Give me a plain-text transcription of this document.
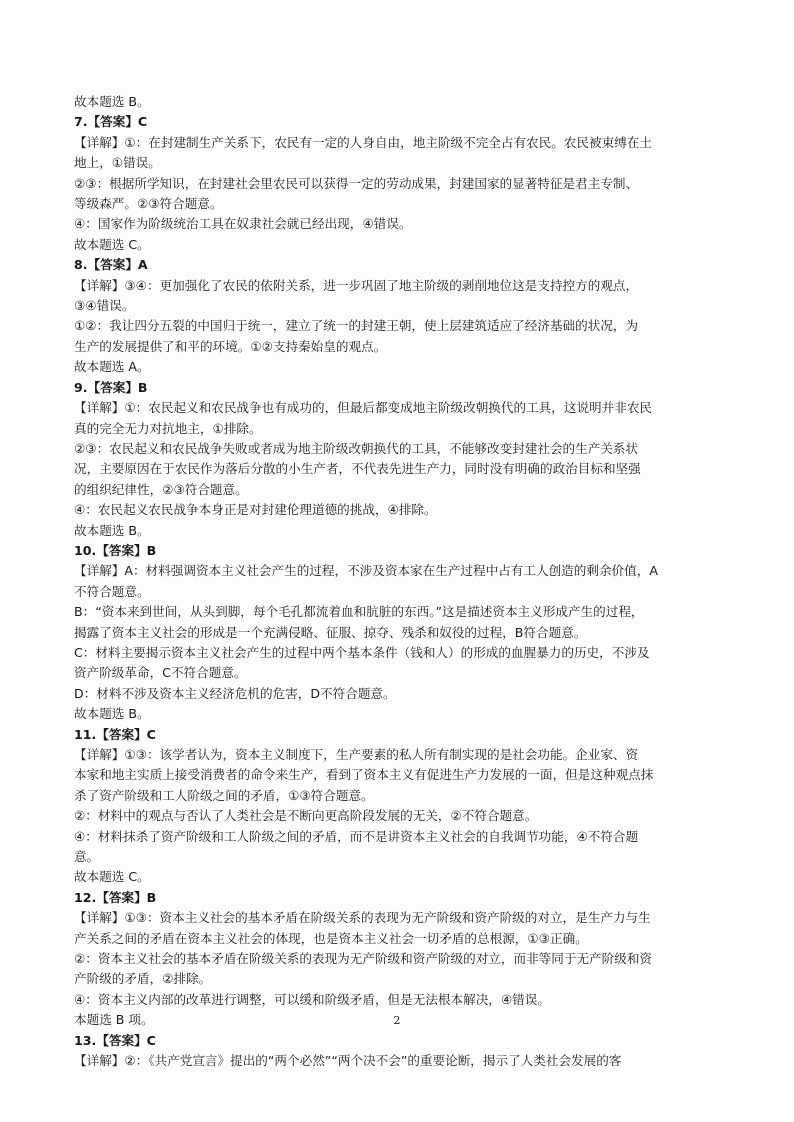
故本题选 B。
7.【答案】C
【详解】①：在封建制生产关系下，农民有一定的人身自由，地主阶级不完全占有农民。农民被束缚在土
地上，①错误。
②③：根据所学知识，在封建社会里农民可以获得一定的劳动成果，封建国家的显著特征是君主专制、
等级森严。②③符合题意。
④：国家作为阶级统治工具在奴隶社会就已经出现，④错误。
故本题选 C。
8.【答案】A
【详解】③④：更加强化了农民的依附关系，进一步巩固了地主阶级的剥削地位这是支持控方的观点，
③④错误。
①②：我让四分五裂的中国归于统一，建立了统一的封建王朝，使上层建筑适应了经济基础的状况，为
生产的发展提供了和平的环境。①②支持秦始皇的观点。
故本题选 A。
9.【答案】B
【详解】①：农民起义和农民战争也有成功的，但最后都变成地主阶级改朝换代的工具，这说明并非农民
真的完全无力对抗地主，①排除。
②③：农民起义和农民战争失败或者成为地主阶级改朝换代的工具，不能够改变封建社会的生产关系状
况，主要原因在于农民作为落后分散的小生产者，不代表先进生产力，同时没有明确的政治目标和坚强
的组织纪律性，②③符合题意。
④：农民起义农民战争本身正是对封建伦理道德的挑战，④排除。
故本题选 B。
10.【答案】B
【详解】A：材料强调资本主义社会产生的过程，不涉及资本家在生产过程中占有工人创造的剩余价值，A
不符合题意。
B：“资本来到世间，从头到脚，每个毛孔都流着血和肮脏的东西。”这是描述资本主义形成产生的过程，
揭露了资本主义社会的形成是一个充满侵略、征服、掠夺、残杀和奴役的过程，B符合题意。
C：材料主要揭示资本主义社会产生的过程中两个基本条件（钱和人）的形成的血腥暴力的历史，不涉及
资产阶级革命，C不符合题意。
D：材料不涉及资本主义经济危机的危害，D不符合题意。
故本题选 B。
11.【答案】C
【详解】①③：该学者认为，资本主义制度下，生产要素的私人所有制实现的是社会功能。企业家、资
本家和地主实质上接受消费者的命令来生产，看到了资本主义有促进生产力发展的一面，但是这种观点抹
杀了资产阶级和工人阶级之间的矛盾，①③符合题意。
②：材料中的观点与否认了人类社会是不断向更高阶段发展的无关，②不符合题意。
④：材料抹杀了资产阶级和工人阶级之间的矛盾，而不是讲资本主义社会的自我调节功能，④不符合题
意。
故本题选 C。
12.【答案】B
【详解】①③：资本主义社会的基本矛盾在阶级关系的表现为无产阶级和资产阶级的对立，是生产力与生
产关系之间的矛盾在资本主义社会的体现，也是资本主义社会一切矛盾的总根源，①③正确。
②：资本主义社会的基本矛盾在阶级关系的表现为无产阶级和资产阶级的对立，而非等同于无产阶级和资
产阶级的矛盾，②排除。
④：资本主义内部的改革进行调整，可以缓和阶级矛盾，但是无法根本解决，④错误。
本题选 B 项。
13.【答案】C
【详解】②：《共产党宣言》提出的“两个必然”“两个决不会”的重要论断，揭示了人类社会发展的客
2
